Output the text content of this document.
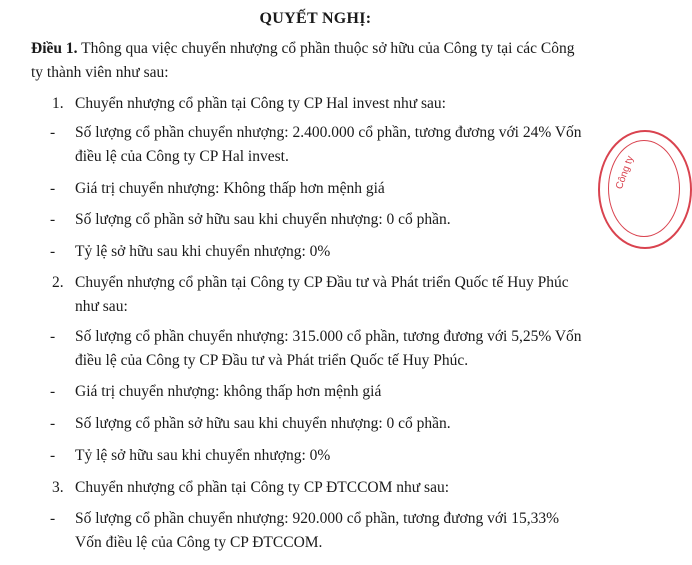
QUYẾT NGHỊ:
Điều 1. Thông qua việc chuyển nhượng cổ phần thuộc sở hữu của Công ty tại các Công
ty thành viên như sau:
1. Chuyển nhượng cổ phần tại Công ty CP Hal invest như sau:
- Số lượng cổ phần chuyển nhượng: 2.400.000 cổ phần, tương đương với 24% Vốn
điều lệ của Công ty CP Hal invest.
- Giá trị chuyển nhượng: Không thấp hơn mệnh giá
- Số lượng cổ phần sở hữu sau khi chuyển nhượng: 0 cổ phần.
- Tỷ lệ sở hữu sau khi chuyển nhượng: 0%
2. Chuyển nhượng cổ phần tại Công ty CP Đầu tư và Phát triển Quốc tế Huy Phúc
như sau:
- Số lượng cổ phần chuyển nhượng: 315.000 cổ phần, tương đương với 5,25% Vốn
điều lệ của Công ty CP Đầu tư và Phát triển Quốc tế Huy Phúc.
- Giá trị chuyển nhượng: không thấp hơn mệnh giá
- Số lượng cổ phần sở hữu sau khi chuyển nhượng: 0 cổ phần.
- Tỷ lệ sở hữu sau khi chuyển nhượng: 0%
3. Chuyển nhượng cổ phần tại Công ty CP ĐTCCOM như sau:
- Số lượng cổ phần chuyển nhượng: 920.000 cổ phần, tương đương với 15,33%
Vốn điều lệ của Công ty CP ĐTCCOM.
Công ty
